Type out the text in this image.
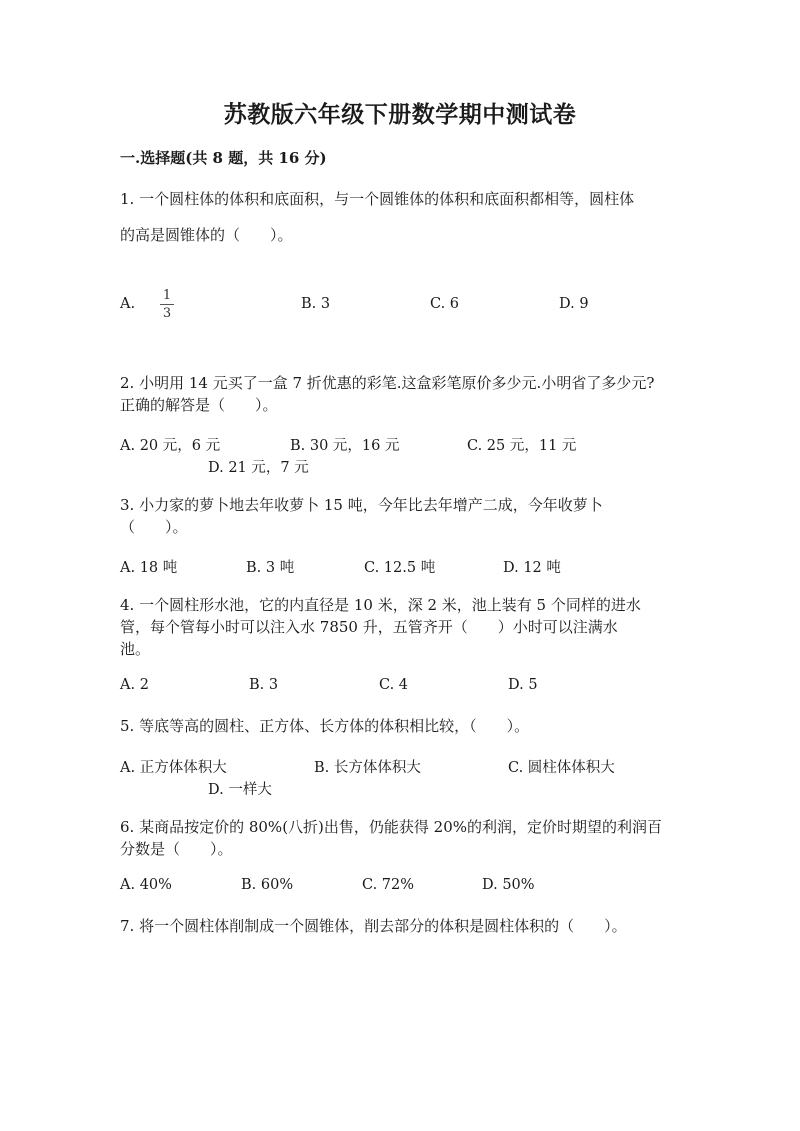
苏教版六年级下册数学期中测试卷
一.选择题(共 8 题，共 16 分)
1. 一个圆柱体的体积和底面积，与一个圆锥体的体积和底面积都相等，圆柱体
的高是圆锥体的（　　）。
A.
1
3
B. 3	C. 6	D. 9
2. 小明用 14 元买了一盒 7 折优惠的彩笔.这盒彩笔原价多少元.小明省了多少元?
正确的解答是（　　）。
A. 20 元，6 元	B. 30 元，16 元	C. 25 元，11 元
D. 21 元，7 元
3. 小力家的萝卜地去年收萝卜 15 吨，今年比去年增产二成，今年收萝卜
（　　）。
A. 18 吨	B. 3 吨	C. 12.5 吨	D. 12 吨
4. 一个圆柱形水池，它的内直径是 10 米，深 2 米，池上装有 5 个同样的进水
管，每个管每小时可以注入水 7850 升，五管齐开（　　）小时可以注满水
池。
A. 2	B. 3	C. 4	D. 5
5. 等底等高的圆柱、正方体、长方体的体积相比较，（　　）。
A. 正方体体积大	B. 长方体体积大	C. 圆柱体体积大
D. 一样大
6. 某商品按定价的 80%(八折)出售，仍能获得 20%的利润，定价时期望的利润百
分数是（　　）。
A. 40%	B. 60%	C. 72%	D. 50%
7. 将一个圆柱体削制成一个圆锥体，削去部分的体积是圆柱体积的（　　）。
